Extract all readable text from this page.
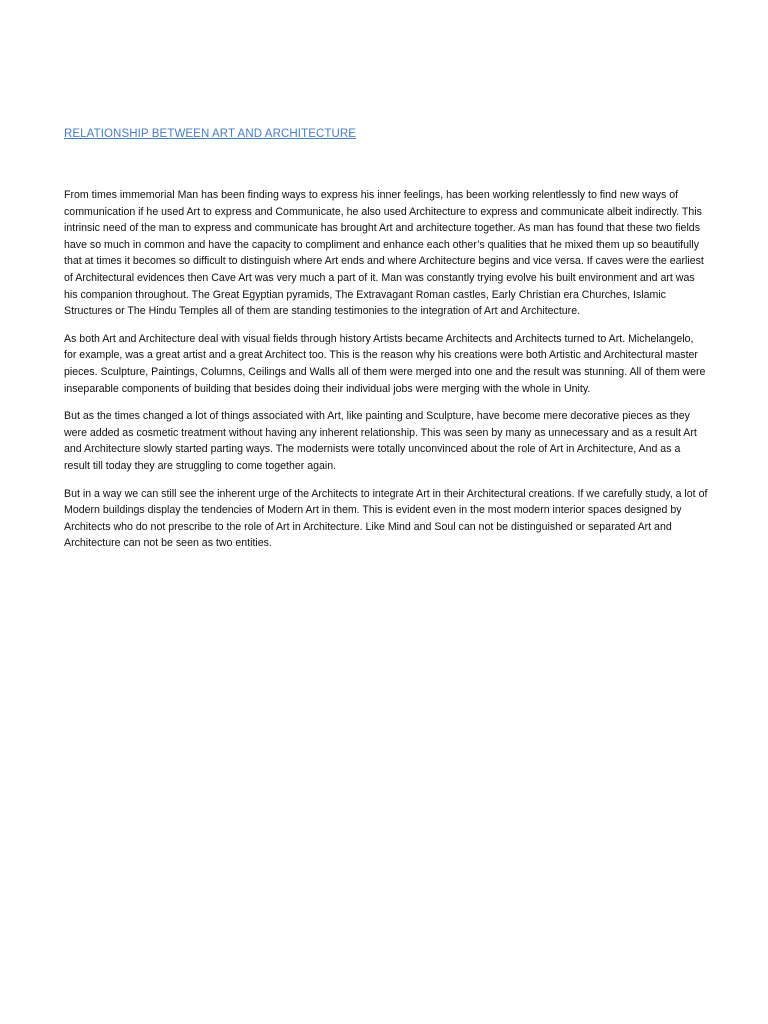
RELATIONSHIP BETWEEN ART AND ARCHITECTURE

From times immemorial Man has been finding ways to express his inner feelings, has been working relentlessly to find new ways of communication if he used Art to express and Communicate, he also used Architecture to express and communicate albeit indirectly. This intrinsic need of the man to express and communicate has brought Art and architecture together. As man has found that these two fields have so much in common and have the capacity to compliment and enhance each other’s qualities that he mixed them up so beautifully that at times it becomes so difficult to distinguish where Art ends and where Architecture begins and vice versa. If caves were the earliest of Architectural evidences then Cave Art was very much a part of it. Man was constantly trying evolve his built environment and art was his companion throughout. The Great Egyptian pyramids, The Extravagant Roman castles, Early Christian era Churches, Islamic Structures or The Hindu Temples all of them are standing testimonies to the integration of Art and Architecture.

As both Art and Architecture deal with visual fields through history Artists became Architects and Architects turned to Art. Michelangelo, for example, was a great artist and a great Architect too. This is the reason why his creations were both Artistic and Architectural master pieces. Sculpture, Paintings, Columns, Ceilings and Walls all of them were merged into one and the result was stunning. All of them were inseparable components of building that besides doing their individual jobs were merging with the whole in Unity.

But as the times changed a lot of things associated with Art, like painting and Sculpture, have become mere decorative pieces as they were added as cosmetic treatment without having any inherent relationship. This was seen by many as unnecessary and as a result Art and Architecture slowly started parting ways. The modernists were totally unconvinced about the role of Art in Architecture, And as a result till today they are struggling to come together again.

But in a way we can still see the inherent urge of the Architects to integrate Art in their Architectural creations. If we carefully study, a lot of Modern buildings display the tendencies of Modern Art in them. This is evident even in the most modern interior spaces designed by Architects who do not prescribe to the role of Art in Architecture. Like Mind and Soul can not be distinguished or separated Art and Architecture can not be seen as two entities.
